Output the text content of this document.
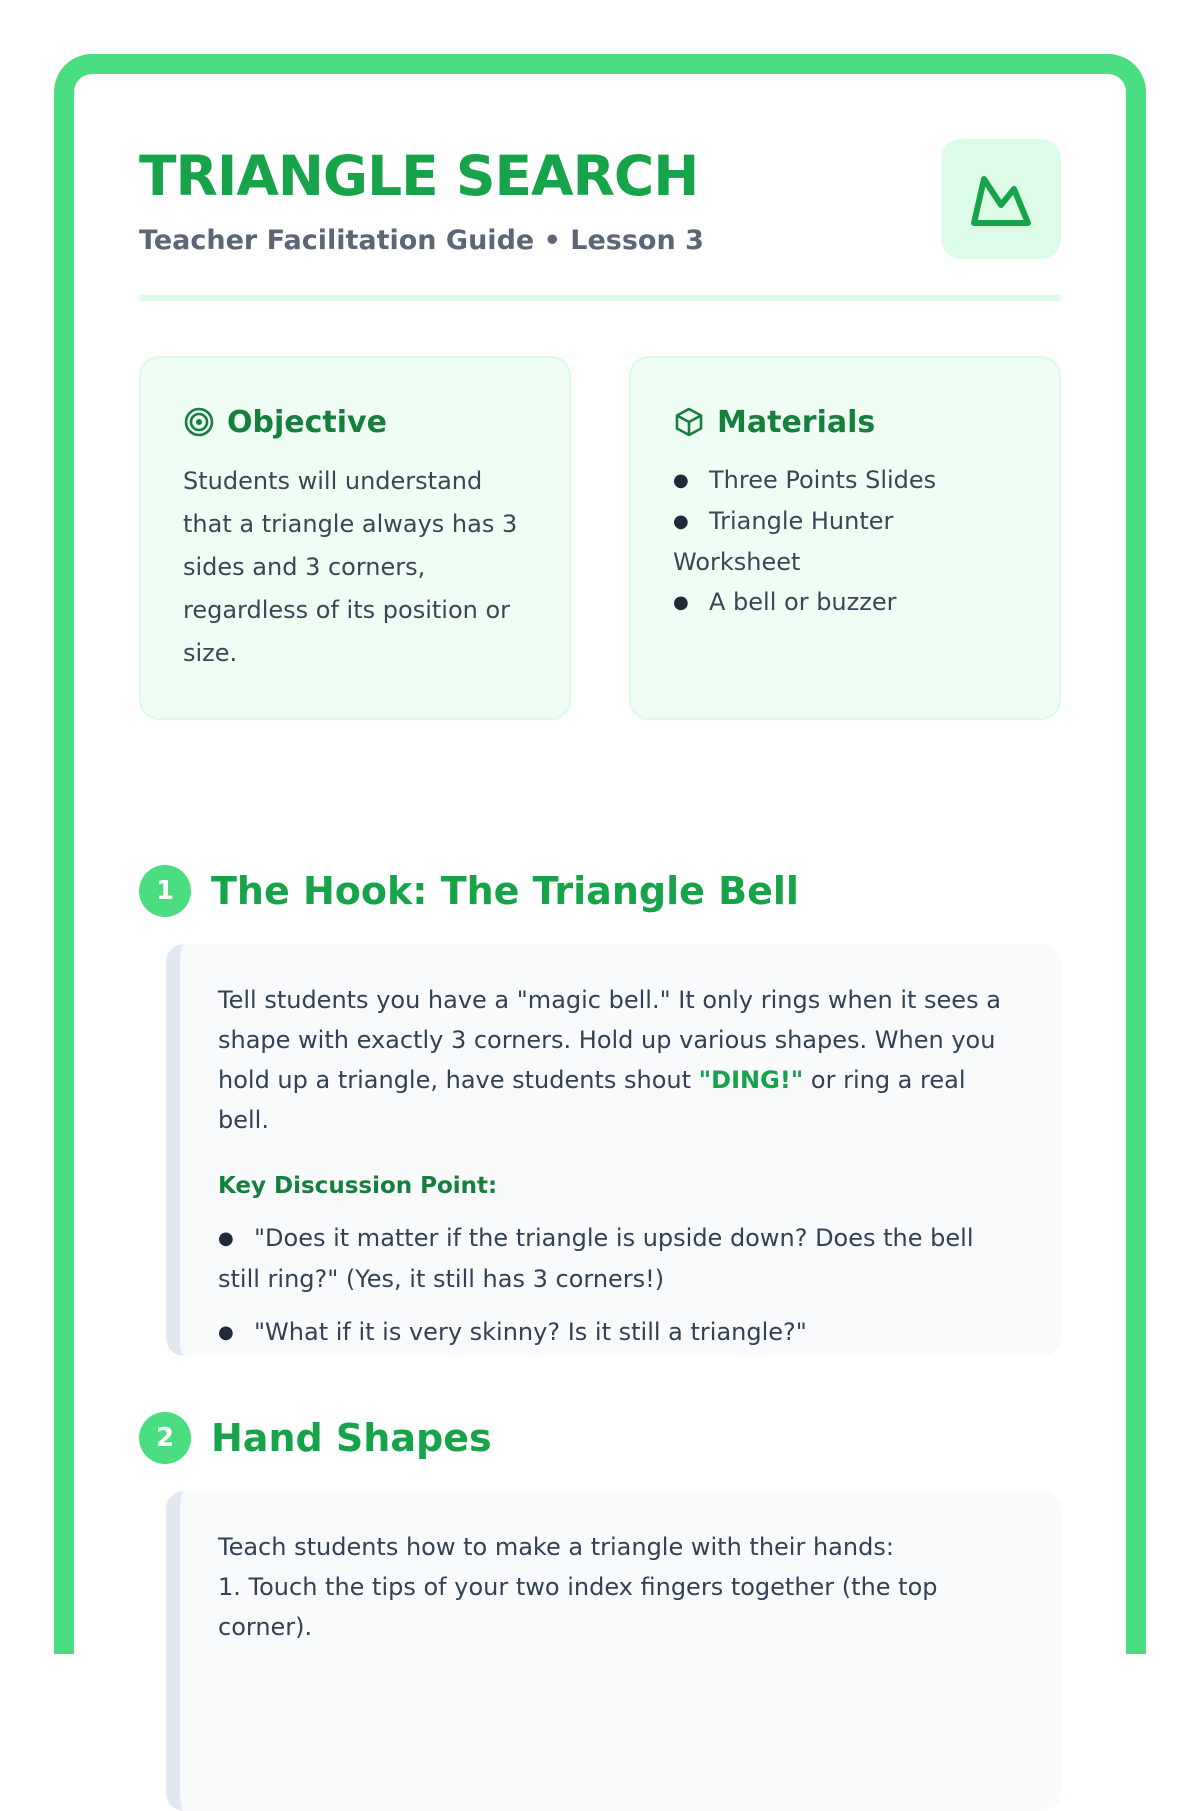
TRIANGLE SEARCH
Teacher Facilitation Guide • Lesson 3
Objective

Students will understand that a triangle always has 3 sides and 3 corners, regardless of its position or size.

Materials
● Three Points Slides
● Triangle Hunter Worksheet
● A bell or buzzer
1 The Hook: The Triangle Bell

Tell students you have a "magic bell." It only rings when it sees a shape with exactly 3 corners. Hold up various shapes. When you hold up a triangle, have students shout "DING!" or ring a real bell.

Key Discussion Point:
● "Does it matter if the triangle is upside down? Does the bell still ring?" (Yes, it still has 3 corners!)
● "What if it is very skinny? Is it still a triangle?"
2 Hand Shapes

Teach students how to make a triangle with their hands:

1. Touch the tips of your two index fingers together (the top corner).
